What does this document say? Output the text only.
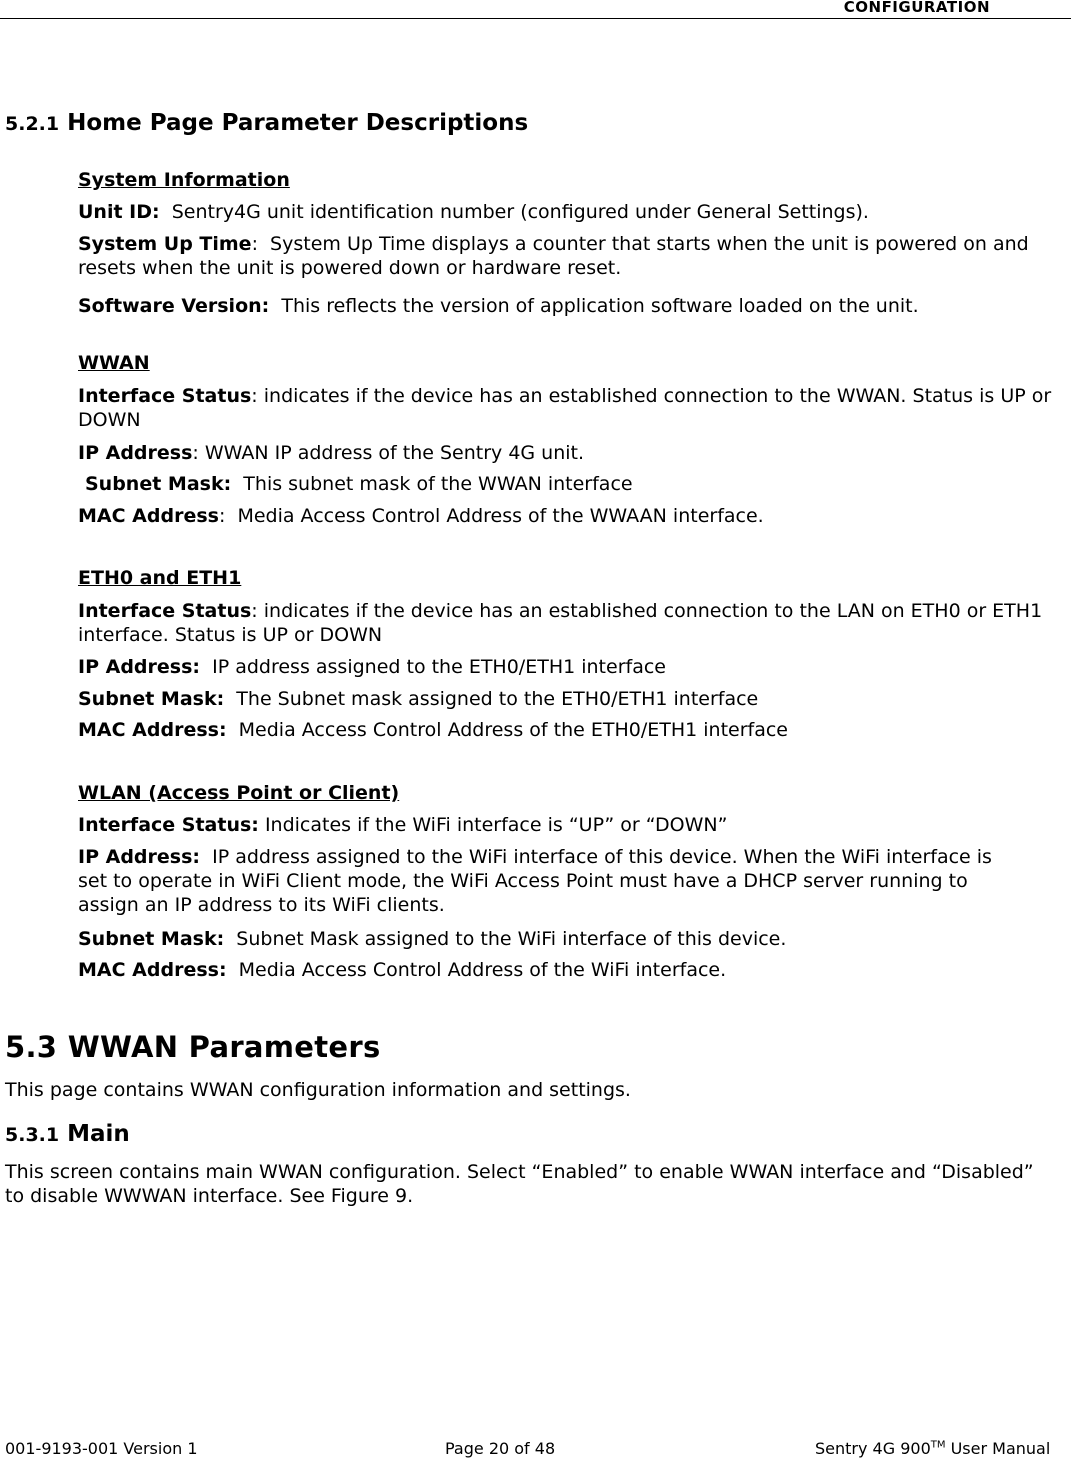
CONFIGURATION
5.2.1 Home Page Parameter Descriptions
System Information
Unit ID: Sentry4G unit identification number (configured under General Settings).
System Up Time:  System Up Time displays a counter that starts when the unit is powered on and resets when the unit is powered down or hardware reset.
Software Version: This reflects the version of application software loaded on the unit.
WWAN
Interface Status: indicates if the device has an established connection to the WWAN. Status is UP or DOWN
IP Address: WWAN IP address of the Sentry 4G unit.
Subnet Mask: This subnet mask of the WWAN interface
MAC Address:  Media Access Control Address of the WWAAN interface.
ETH0 and ETH1
Interface Status: indicates if the device has an established connection to the LAN on ETH0 or ETH1 interface. Status is UP or DOWN
IP Address: IP address assigned to the ETH0/ETH1 interface
Subnet Mask: The Subnet mask assigned to the ETH0/ETH1 interface
MAC Address: Media Access Control Address of the ETH0/ETH1 interface
WLAN (Access Point or Client)
Interface Status: Indicates if the WiFi interface is “UP” or “DOWN”
IP Address: IP address assigned to the WiFi interface of this device. When the WiFi interface is set to operate in WiFi Client mode, the WiFi Access Point must have a DHCP server running to assign an IP address to its WiFi clients.
Subnet Mask: Subnet Mask assigned to the WiFi interface of this device.
MAC Address: Media Access Control Address of the WiFi interface.
5.3 WWAN Parameters
This page contains WWAN configuration information and settings.
5.3.1 Main
This screen contains main WWAN configuration. Select “Enabled” to enable WWAN interface and “Disabled” to disable WWWAN interface. See Figure 9.
001-9193-001 Version 1	Page 20 of 48	Sentry 4G 900™ User Manual
